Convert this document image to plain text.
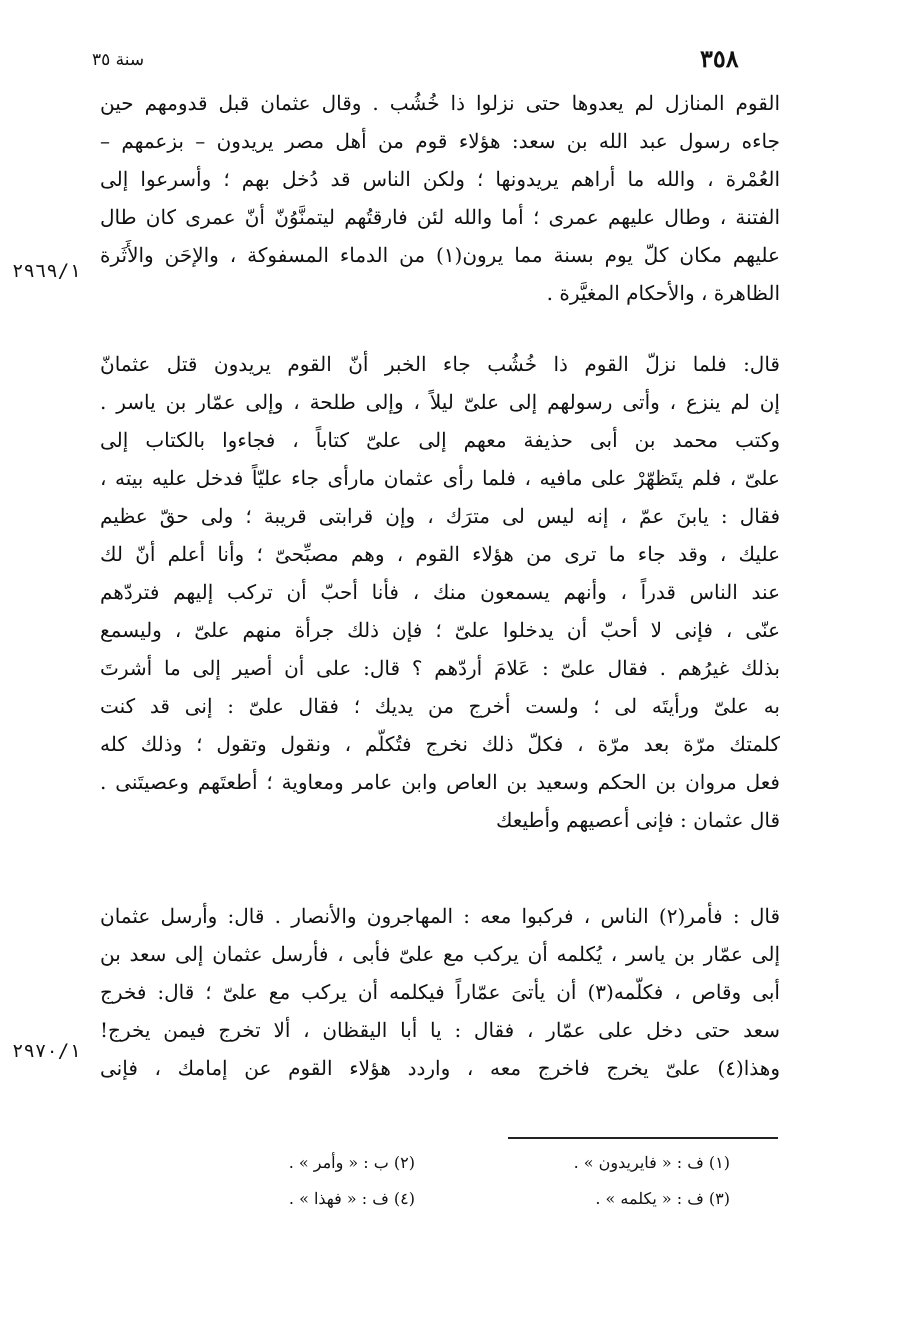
٣٥٨
سنة ٣٥
القوم المنازل لم يعدوها حتى نزلوا ذا خُشُب . وقال عثمان قبل قدومهم حين
جاءه رسول عبد الله بن سعد: هؤلاء قوم من أهل مصر يريدون – بزعمهم –
العُمْرة ، والله ما أراهم يريدونها ؛ ولكن الناس قد دُخل بهم ؛ وأسرعوا إلى
الفتنة ، وطال عليهم عمرى ؛ أما والله لئن فارقتُهم ليتمنَّوُنّ أنّ عمرى كان طال
عليهم مكان كلّ يوم بسنة مما يرون(١) من الدماء المسفوكة ، والإحَن والأَثَرة
الظاهرة ، والأحكام المغيَّرة .
٢٩٦٩/١
قال: فلما نزلّ القوم ذا خُشُب جاء الخبر أنّ القوم يريدون قتل عثمانّ
إن لم ينزع ، وأتى رسولهم إلى علىّ ليلاً ، وإلى طلحة ، وإلى عمّار بن ياسر .
وكتب محمد بن أبى حذيفة معهم إلى علىّ كتاباً ، فجاءوا بالكتاب إلى
علىّ ، فلم يتَظهّرْ على مافيه ، فلما رأى عثمان مارأى جاء عليّاً فدخل عليه بيته ،
فقال : يابنَ عمّ ، إنه ليس لى مترَك ، وإن قرابتى قريبة ؛ ولى حقّ عظيم
عليك ، وقد جاء ما ترى من هؤلاء القوم ، وهم مصبِّحىّ ؛ وأنا أعلم أنّ لك
عند الناس قدراً ، وأنهم يسمعون منك ، فأنا أحبّ أن تركب إليهم فتردّهم
عنّى ، فإنى لا أحبّ أن يدخلوا علىّ ؛ فإن ذلك جرأة منهم علىّ ، وليسمع
بذلك غيرُهم . فقال علىّ : عَلامَ أردّهم ؟ قال: على أن أصير إلى ما أشرتَ
به علىّ ورأيتَه لى ؛ ولست أخرج من يديك ؛ فقال علىّ : إنى قد كنت
كلمتك مرّة بعد مرّة ، فكلّ ذلك نخرج فتُكلّم ، ونقول وتقول ؛ وذلك كله
فعل مروان بن الحكم وسعيد بن العاص وابن عامر ومعاوية ؛ أطعتَهم وعصيتَنى .
قال عثمان : فإنى أعصيهم وأطيعك
قال : فأمر(٢) الناس ، فركبوا معه : المهاجرون والأنصار . قال: وأرسل عثمان
إلى عمّار بن ياسر ، يُكلمه أن يركب مع علىّ فأبى ، فأرسل عثمان إلى سعد بن
أبى وقاص ، فكلّمه(٣) أن يأتىَ عمّاراً فيكلمه أن يركب مع علىّ ؛ قال: فخرج
سعد حتى دخل على عمّار ، فقال : يا أبا اليقظان ، ألا تخرج فيمن يخرج!
وهذا(٤) علىّ يخرج فاخرج معه ، واردد هؤلاء القوم عن إمامك ، فإنى
٢٩٧٠/١
(١) ف : « فايريدون » .
(٢) ب : « وأمر » .
(٣) ف : « يكلمه » .
(٤) ف : « فهذا » .
